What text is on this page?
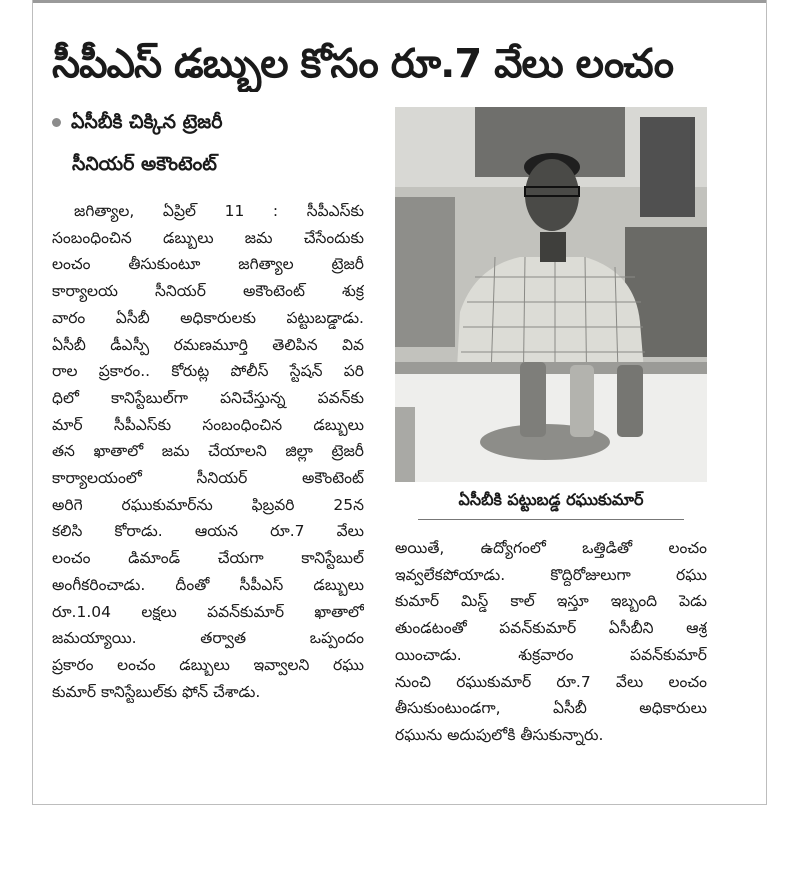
సీపీఎస్ డబ్బుల కోసం రూ.7 వేలు లంచం
ఏసీబీకి చిక్కిన ట్రెజరీ
సీనియర్ అకౌంటెంట్
జగిత్యాల, ఏప్రిల్ 11 : సీపీఎస్‌కు
సంబంధించిన డబ్బులు జమ చేసేందుకు
లంచం తీసుకుంటూ జగిత్యాల ట్రెజరీ
కార్యాలయ సీనియర్ అకౌంటెంట్ శుక్ర
వారం ఏసీబీ అధికారులకు పట్టుబడ్డాడు.
ఏసీబీ డీఎస్పీ రమణమూర్తి తెలిపిన వివ
రాల ప్రకారం.. కోరుట్ల పోలీస్ స్టేషన్ పరి
ధిలో కానిస్టేబుల్‌గా పనిచేస్తున్న పవన్‌కు
మార్ సీపీఎస్‌కు సంబంధించిన డబ్బులు
తన ఖాతాలో జమ చేయాలని జిల్లా ట్రెజరీ
కార్యాలయంలో సీనియర్ అకౌంటెంట్
అరిగె రఘుకుమార్‌ను ఫిబ్రవరి 25న
కలిసి కోరాడు. ఆయన రూ.7 వేలు
లంచం డిమాండ్ చేయగా కానిస్టేబుల్
అంగీకరించాడు. దీంతో సీపీఎస్ డబ్బులు
రూ.1.04 లక్షలు పవన్‌కుమార్ ఖాతాలో
జమయ్యాయి. తర్వాత ఒప్పందం
ప్రకారం లంచం డబ్బులు ఇవ్వాలని రఘు
కుమార్ కానిస్టేబుల్‌కు ఫోన్ చేశాడు.
ఏసీబీకి పట్టుబడ్డ రఘుకుమార్
అయితే, ఉద్యోగంలో ఒత్తిడితో లంచం
ఇవ్వలేకపోయాడు. కొద్దిరోజులుగా రఘు
కుమార్ మిస్డ్ కాల్ ఇస్తూ ఇబ్బంది పెడు
తుండటంతో పవన్‌కుమార్ ఏసీబీని ఆశ్ర
యించాడు. శుక్రవారం పవన్‌కుమార్
నుంచి రఘుకుమార్ రూ.7 వేలు లంచం
తీసుకుంటుండగా, ఏసీబీ అధికారులు
రఘును అదుపులోకి తీసుకున్నారు.
